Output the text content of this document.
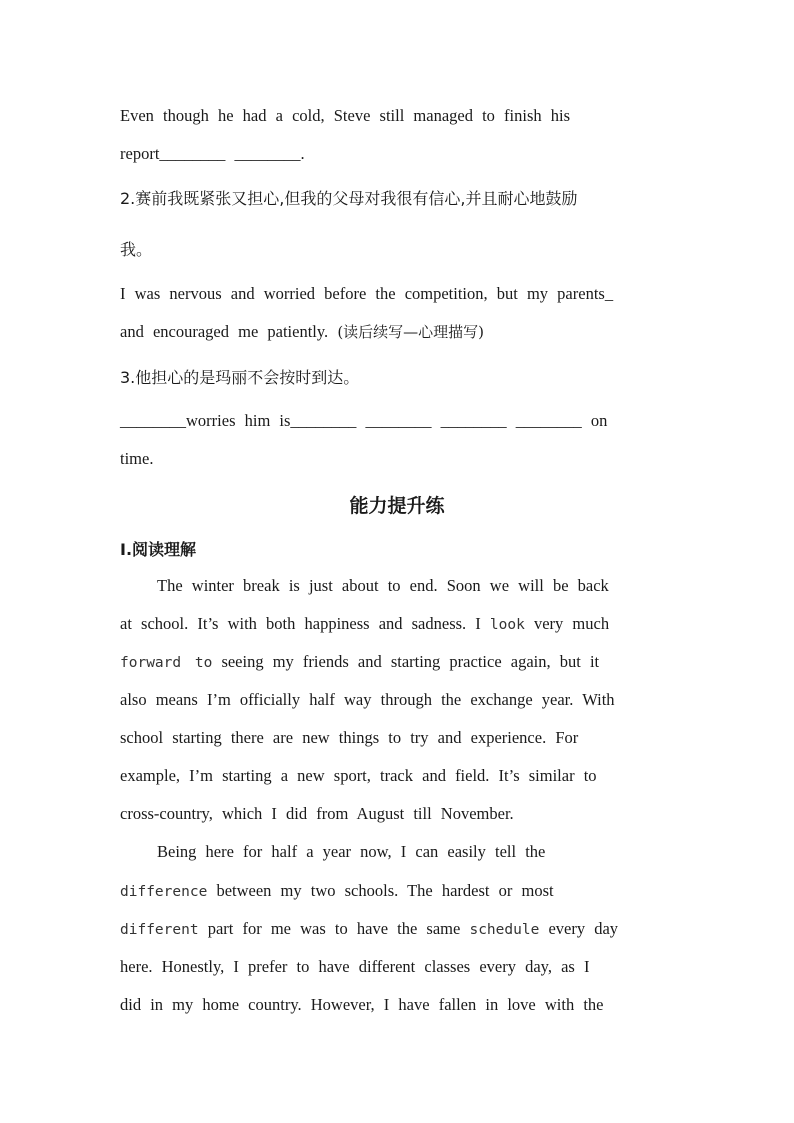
Even though he had a cold, Steve still managed to finish his
report________ ________.
2.赛前我既紧张又担心,但我的父母对我很有信心,并且耐心地鼓励
我。
I was nervous and worried before the competition, but my parents_
and encouraged me patiently. (读后续写—心理描写)
3.他担心的是玛丽不会按时到达。
________worries him is________ ________ ________ ________ on
time.
能力提升练
Ⅰ.阅读理解
The winter break is just about to end. Soon we will be back
at school. It’s with both happiness and sadness. I look very much
forward to seeing my friends and starting practice again, but it
also means I’m officially half way through the exchange year. With
school starting there are new things to try and experience. For
example, I’m starting a new sport, track and field. It’s similar to
cross-country, which I did from August till November.
Being here for half a year now, I can easily tell the
difference between my two schools. The hardest or most
different part for me was to have the same schedule every day
here. Honestly, I prefer to have different classes every day, as I
did in my home country. However, I have fallen in love with the
